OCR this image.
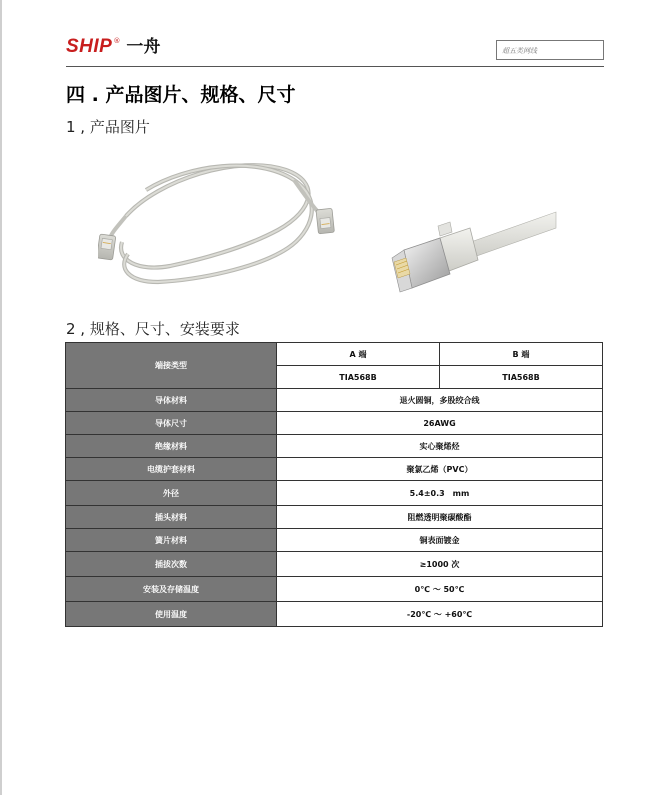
SHIP ® 一舟	超五类网线
四 . 产品图片、规格、尺寸
1 , 产品图片
2 , 规格、尺寸、安装要求
端接类型	A 端	B 端
	TIA568B	TIA568B
导体材料	退火圆铜，多股绞合线	
导体尺寸	26AWG	
绝缘材料	实心聚烯烃	
电缆护套材料	聚氯乙烯（PVC）	
外径	5.4±0.3　mm	
插头材料	阻燃透明聚碳酸酯	
簧片材料	铜表面镀金	
插拔次数	≥1000 次	
安装及存储温度	0℃ ～ 50℃	
使用温度	-20℃ ～ +60℃	
